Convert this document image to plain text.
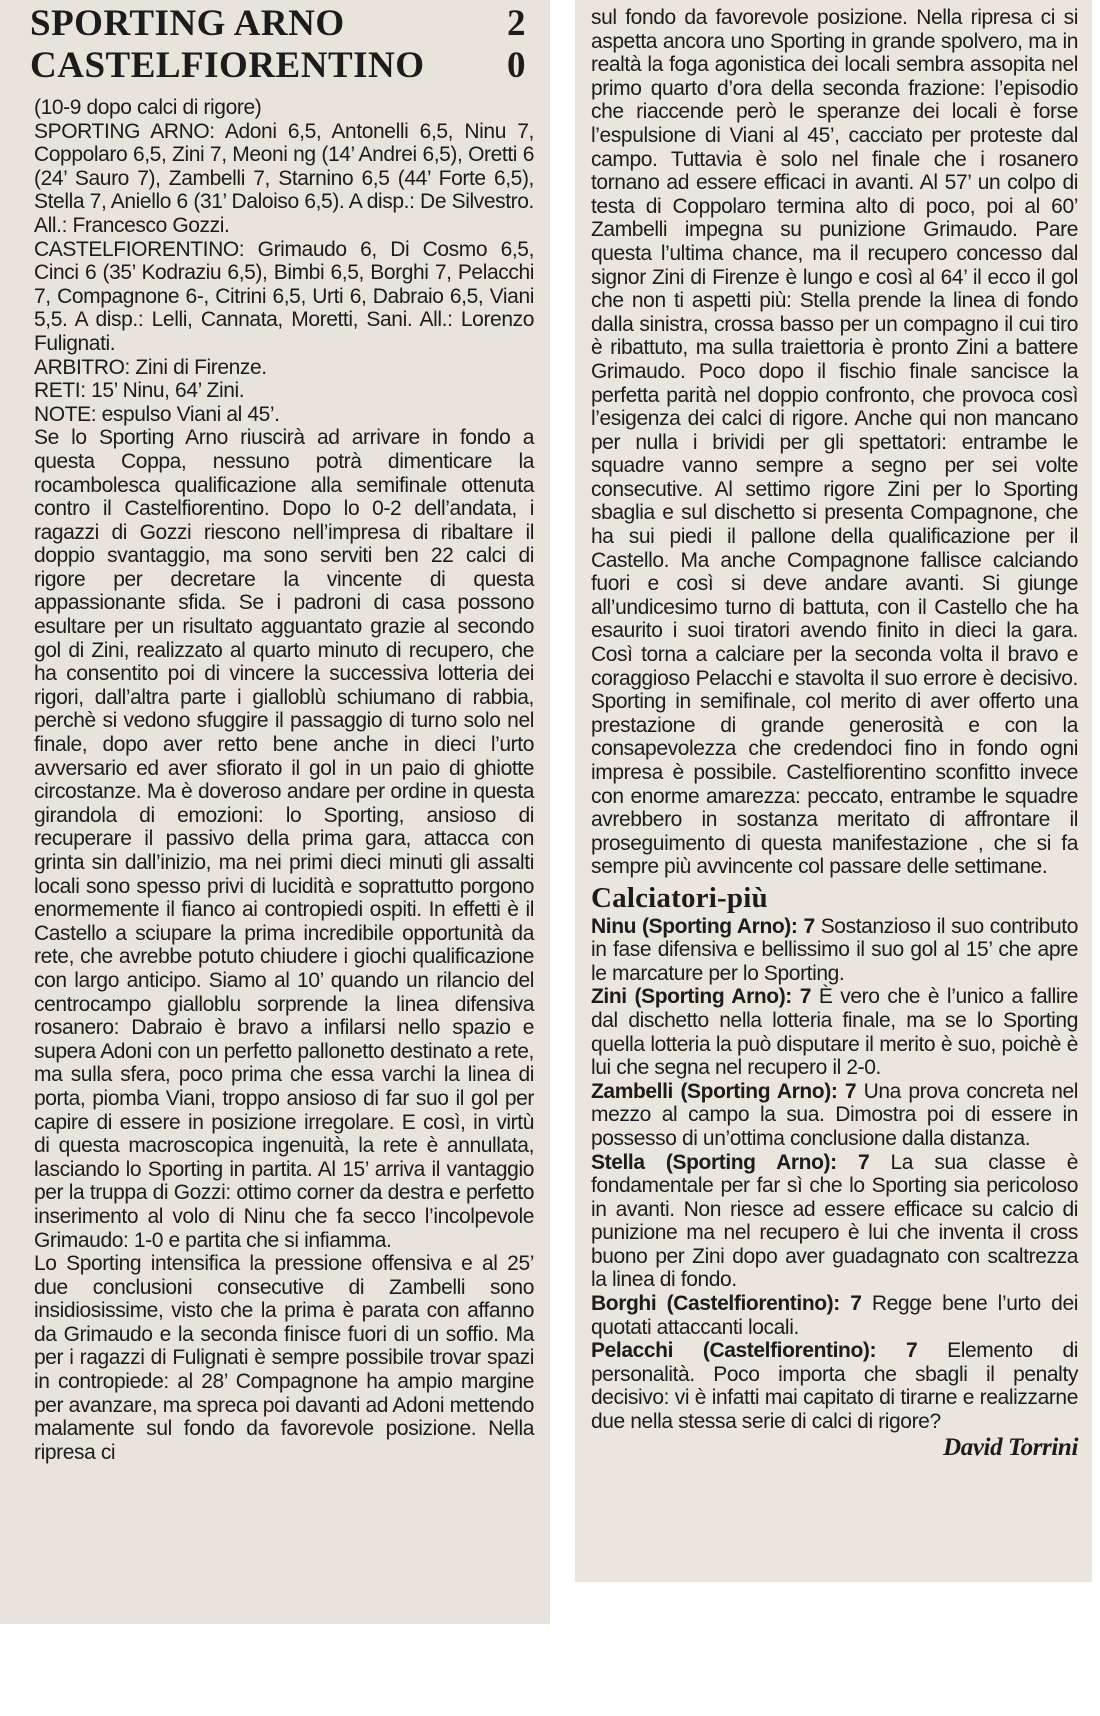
SPORTING ARNO	2
CASTELFIORENTINO 0

(10-9 dopo calci di rigore)

SPORTING ARNO: Adoni 6,5, Antonelli 6,5, Ninu 7, Coppolaro 6,5, Zini 7, Meoni ng (14’ Andrei 6,5), Oretti 6 (24’ Sauro 7), Zambelli 7, Starnino 6,5 (44’ Forte 6,5), Stella 7, Aniello 6 (31’ Daloiso 6,5). A disp.: De Silvestro. All.: Francesco Gozzi.

CASTELFIORENTINO: Grimaudo 6, Di Cosmo 6,5, Cinci 6 (35’ Kodraziu 6,5), Bimbi 6,5, Borghi 7, Pelacchi 7, Compagnone 6-, Citrini 6,5, Urti 6, Dabraio 6,5, Viani 5,5. A disp.: Lelli, Cannata, Moretti, Sani. All.: Lorenzo Fulignati.

ARBITRO: Zini di Firenze.

RETI: 15’ Ninu, 64’ Zini.

NOTE: espulso Viani al 45’.

Se lo Sporting Arno riuscirà ad arrivare in fondo a questa Coppa, nessuno potrà dimenticare la rocambolesca qualificazione alla semifinale ottenuta contro il Castelfiorentino. Dopo lo 0-2 dell’andata, i ragazzi di Gozzi riescono nell’impresa di ribaltare il doppio svantaggio, ma sono serviti ben 22 calci di rigore per decretare la vincente di questa appassionante sfida. Se i padroni di casa possono esultare per un risultato agguantato grazie al secondo gol di Zini, realizzato al quarto minuto di recupero, che ha consentito poi di vincere la successiva lotteria dei rigori, dall’altra parte i gialloblù schiumano di rabbia, perchè si vedono sfuggire il passaggio di turno solo nel finale, dopo aver retto bene anche in dieci l’urto avversario ed aver sfiorato il gol in un paio di ghiotte circostanze. Ma è doveroso andare per ordine in questa girandola di emozioni: lo Sporting, ansioso di recuperare il passivo della prima gara, attacca con grinta sin dall’inizio, ma nei primi dieci minuti gli assalti locali sono spesso privi di lucidità e soprattutto porgono enormemente il fianco ai contropiedi ospiti. In effetti è il Castello a sciupare la prima incredibile opportunità da rete, che avrebbe potuto chiudere i giochi qualificazione con largo anticipo. Siamo al 10’ quando un rilancio del centrocampo gialloblu sorprende la linea difensiva rosanero: Dabraio è bravo a infilarsi nello spazio e supera Adoni con un perfetto pallonetto destinato a rete, ma sulla sfera, poco prima che essa varchi la linea di porta, piomba Viani, troppo ansioso di far suo il gol per capire di essere in posizione irregolare. E così, in virtù di questa macroscopica ingenuità, la rete è annullata, lasciando lo Sporting in partita. Al 15’ arriva il vantaggio per la truppa di Gozzi: ottimo corner da destra e perfetto inserimento al volo di Ninu che fa secco l’incolpevole Grimaudo: 1-0 e partita che si infiamma.

Lo Sporting intensifica la pressione offensiva e al 25’ due conclusioni consecutive di Zambelli sono insidiosissime, visto che la prima è parata con affanno da Grimaudo e la seconda finisce fuori di un soffio. Ma per i ragazzi di Fulignati è sempre possibile trovar spazi in contropiede: al 28’ Compagnone ha ampio margine per avanzare, ma spreca poi davanti ad Adoni mettendo malamente sul fondo da favorevole posizione. Nella ripresa ci

sul fondo da favorevole posizione. Nella ripresa ci si aspetta ancora uno Sporting in grande spolvero, ma in realtà la foga agonistica dei locali sembra assopita nel primo quarto d’ora della seconda frazione: l’episodio che riaccende però le speranze dei locali è forse l’espulsione di Viani al 45’, cacciato per proteste dal campo. Tuttavia è solo nel finale che i rosanero tornano ad essere efficaci in avanti. Al 57’ un colpo di testa di Coppolaro termina alto di poco, poi al 60’ Zambelli impegna su punizione Grimaudo. Pare questa l’ultima chance, ma il recupero concesso dal signor Zini di Firenze è lungo e così al 64’ il ecco il gol che non ti aspetti più: Stella prende la linea di fondo dalla sinistra, crossa basso per un compagno il cui tiro è ribattuto, ma sulla traiettoria è pronto Zini a battere Grimaudo. Poco dopo il fischio finale sancisce la perfetta parità nel doppio confronto, che provoca così l’esigenza dei calci di rigore. Anche qui non mancano per nulla i brividi per gli spettatori: entrambe le squadre vanno sempre a segno per sei volte consecutive. Al settimo rigore Zini per lo Sporting sbaglia e sul dischetto si presenta Compagnone, che ha sui piedi il pallone della qualificazione per il Castello. Ma anche Compagnone fallisce calciando fuori e così si deve andare avanti. Si giunge all’undicesimo turno di battuta, con il Castello che ha esaurito i suoi tiratori avendo finito in dieci la gara. Così torna a calciare per la seconda volta il bravo e coraggioso Pelacchi e stavolta il suo errore è decisivo. Sporting in semifinale, col merito di aver offerto una prestazione di grande generosità e con la consapevolezza che credendoci fino in fondo ogni impresa è possibile. Castelfiorentino sconfitto invece con enorme amarezza: peccato, entrambe le squadre avrebbero in sostanza meritato di affrontare il proseguimento di questa manifestazione , che si fa sempre più avvincente col passare delle settimane.

Calciatori-più

Ninu (Sporting Arno): 7 Sostanzioso il suo contributo in fase difensiva e bellissimo il suo gol al 15’ che apre le marcature per lo Sporting.

Zini (Sporting Arno): 7 È vero che è l’unico a fallire dal dischetto nella lotteria finale, ma se lo Sporting quella lotteria la può disputare il merito è suo, poichè è lui che segna nel recupero il 2-0.

Zambelli (Sporting Arno): 7 Una prova concreta nel mezzo al campo la sua. Dimostra poi di essere in possesso di un’ottima conclusione dalla distanza.

Stella (Sporting Arno): 7 La sua classe è fondamentale per far sì che lo Sporting sia pericoloso in avanti. Non riesce ad essere efficace su calcio di punizione ma nel recupero è lui che inventa il cross buono per Zini dopo aver guadagnato con scaltrezza la linea di fondo.

Borghi (Castelfiorentino): 7 Regge bene l’urto dei quotati attaccanti locali.

Pelacchi (Castelfiorentino): 7 Elemento di personalità. Poco importa che sbagli il penalty decisivo: vi è infatti mai capitato di tirarne e realizzarne due nella stessa serie di calci di rigore?

David Torrini
